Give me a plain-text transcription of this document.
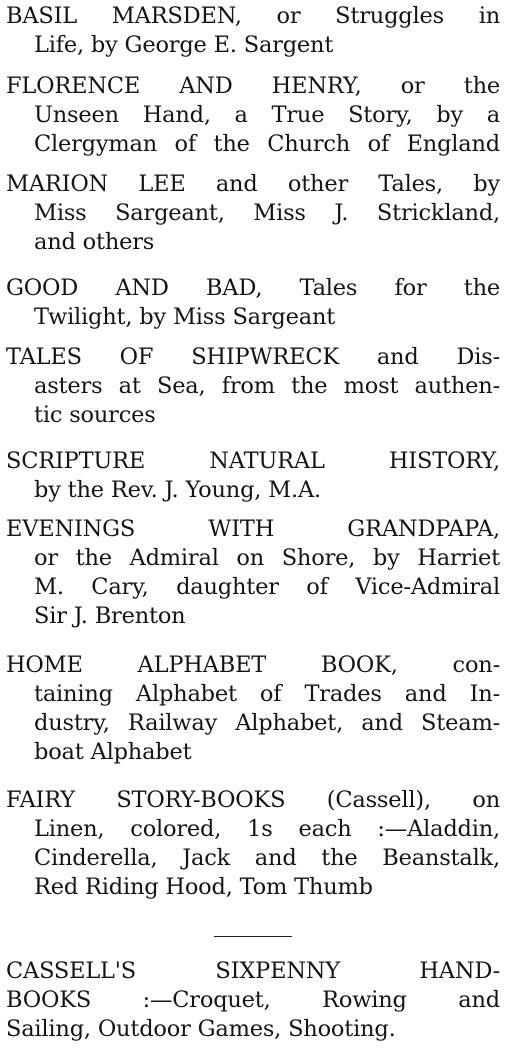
BASIL MARSDEN, or Struggles in
Life, by George E. Sargent
FLORENCE AND HENRY, or the
Unseen Hand, a True Story, by a
Clergyman of the Church of England
MARION LEE and other Tales, by
Miss Sargeant, Miss J. Strickland,
and others
GOOD AND BAD, Tales for the
Twilight, by Miss Sargeant
TALES OF SHIPWRECK and Dis-
asters at Sea, from the most authen-
tic sources
SCRIPTURE NATURAL HISTORY,
by the Rev. J. Young, M.A.
EVENINGS WITH GRANDPAPA,
or the Admiral on Shore, by Harriet
M. Cary, daughter of Vice-Admiral
Sir J. Brenton
HOME ALPHABET BOOK, con-
taining Alphabet of Trades and In-
dustry, Railway Alphabet, and Steam-
boat Alphabet
FAIRY STORY-BOOKS (Cassell), on
Linen, colored, 1s each :—Aladdin,
Cinderella, Jack and the Beanstalk,
Red Riding Hood, Tom Thumb
CASSELL'S SIXPENNY HAND-
BOOKS :—Croquet, Rowing and
Sailing, Outdoor Games, Shooting.
